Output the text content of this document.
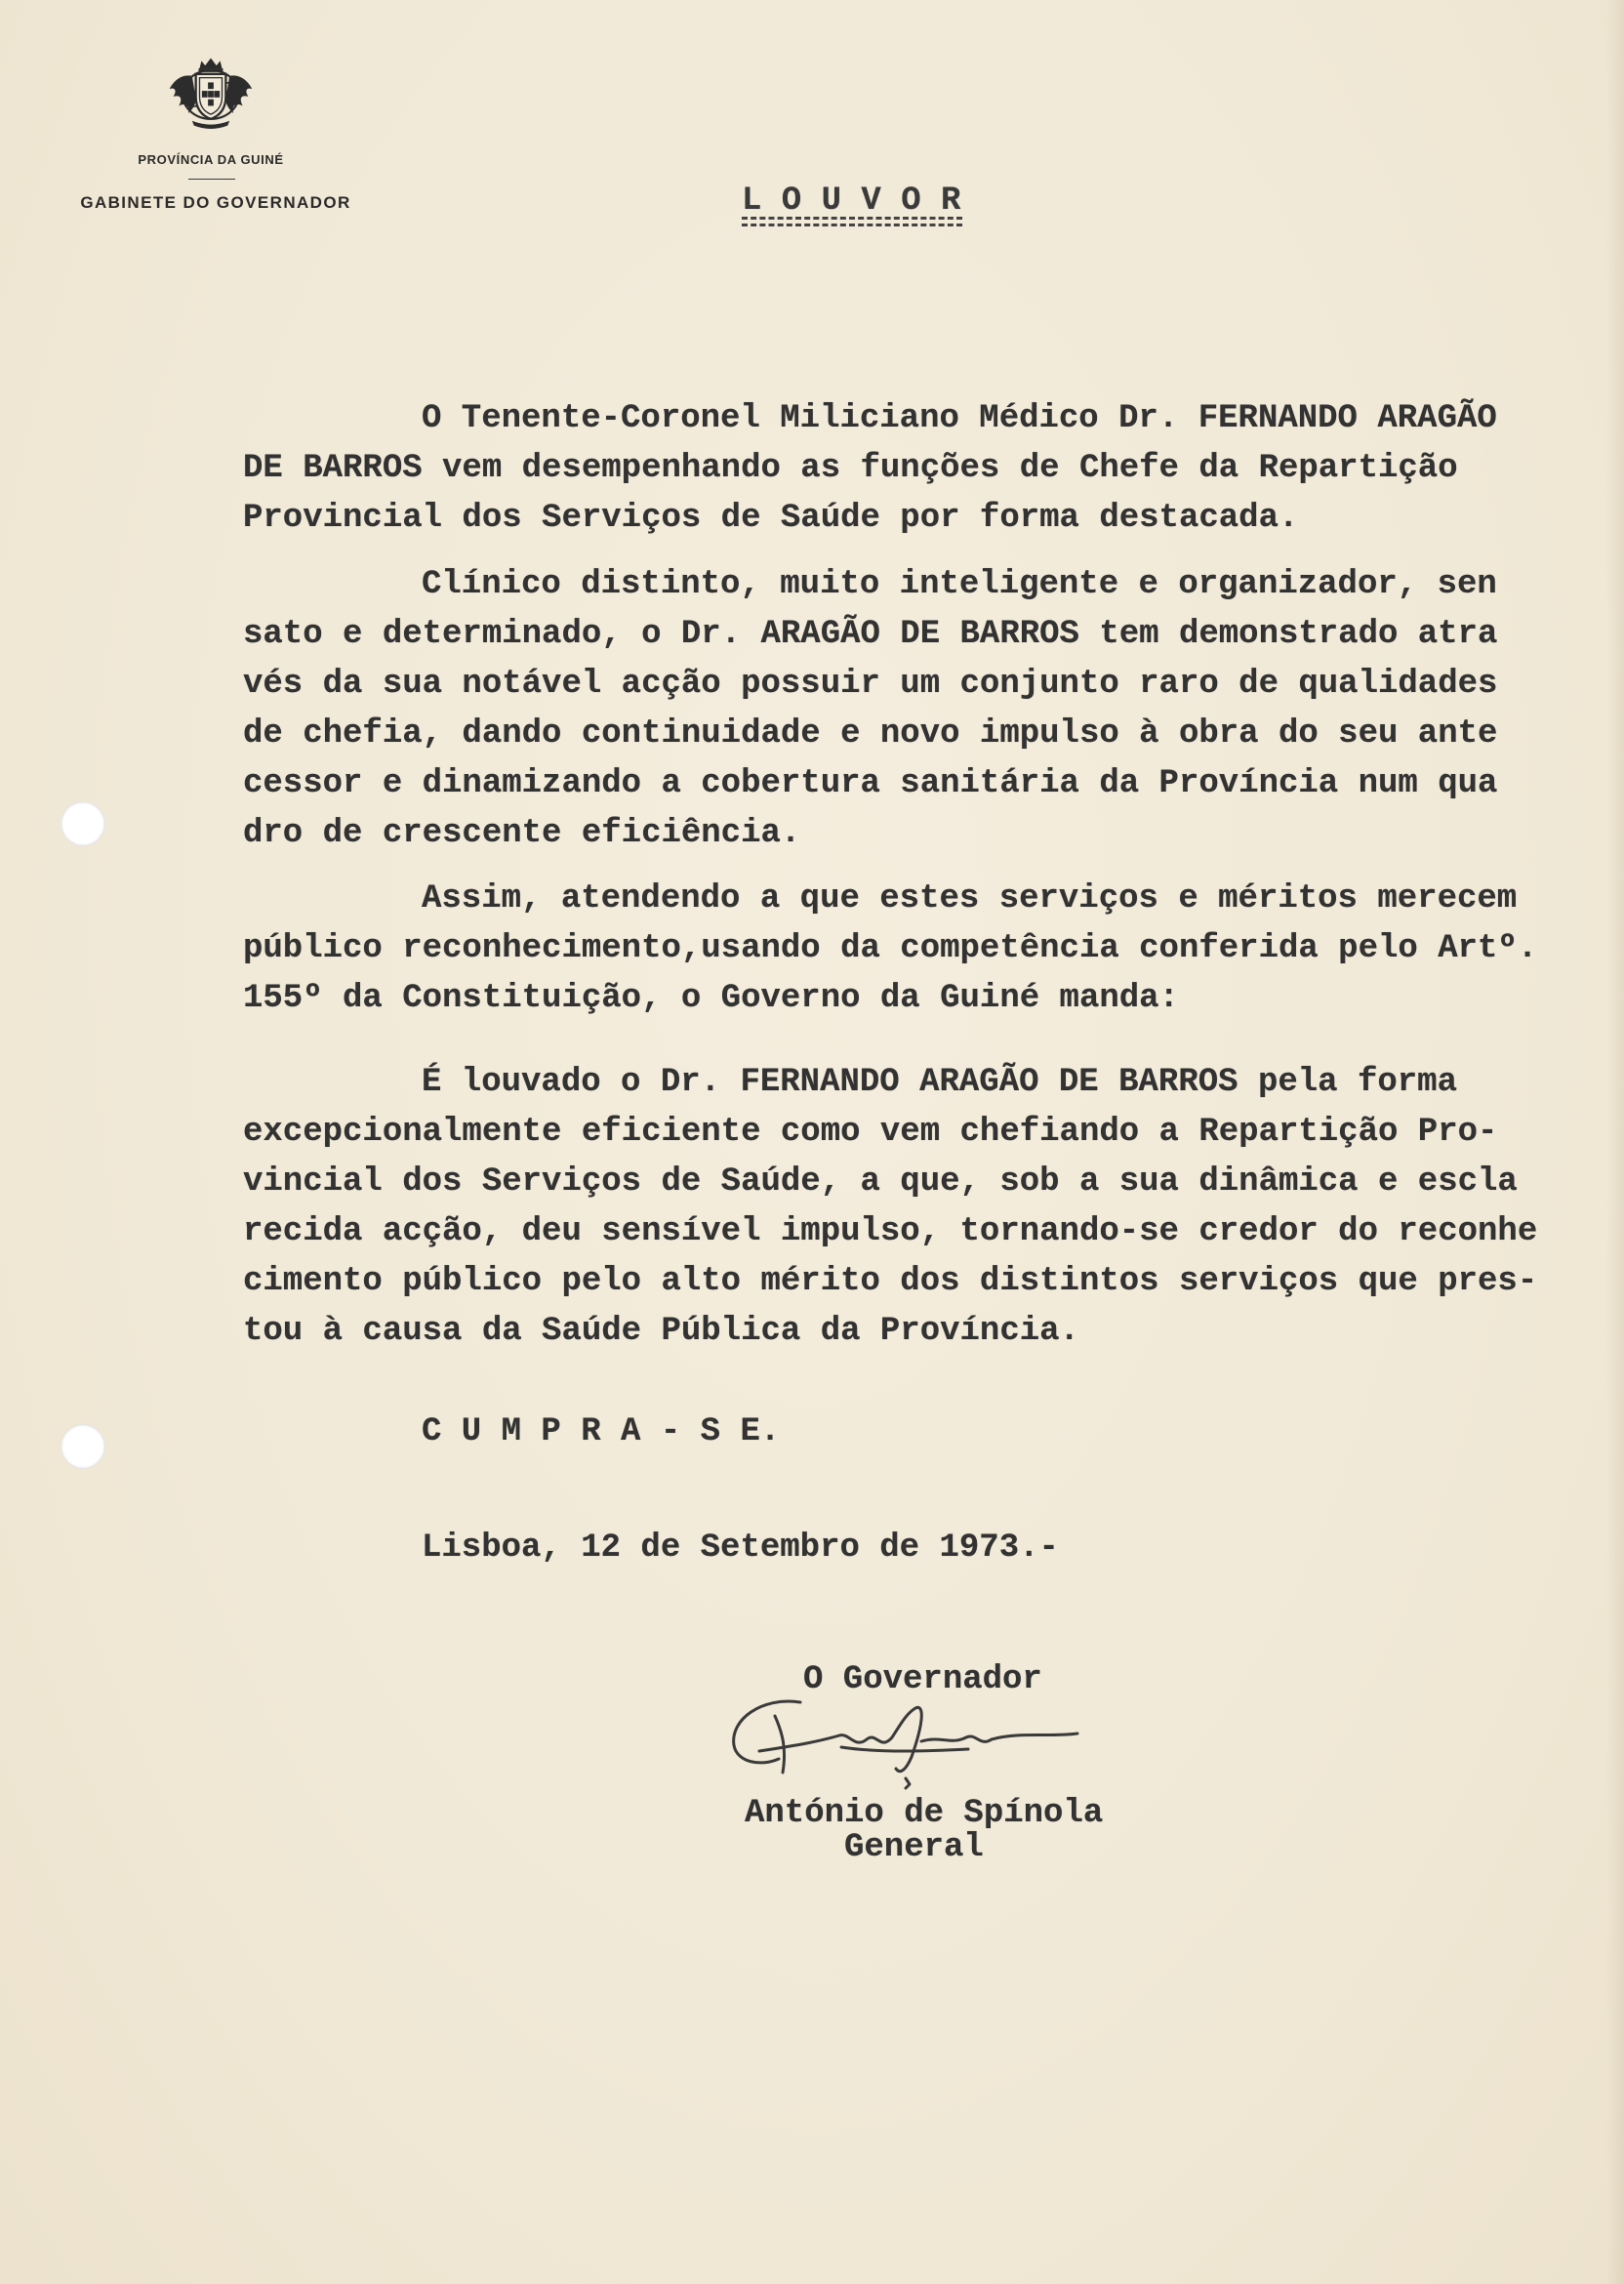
PROVÍNCIA DA GUINÉ
GABINETE DO GOVERNADOR	L O U V O R
O Tenente-Coronel Miliciano Médico Dr. FERNANDO ARAGÃO
DE BARROS vem desempenhando as funções de Chefe da Repartição
Provincial dos Serviços de Saúde por forma destacada.
Clínico distinto, muito inteligente e organizador, sen
sato e determinado, o Dr. ARAGÃO DE BARROS tem demonstrado atra
vés da sua notável acção possuir um conjunto raro de qualidades
de chefia, dando continuidade e novo impulso à obra do seu ante
cessor e dinamizando a cobertura sanitária da Província num qua
dro de crescente eficiência.
Assim, atendendo a que estes serviços e méritos merecem
público reconhecimento,usando da competência conferida pelo Artº.
155º da Constituição, o Governo da Guiné manda:
É louvado o Dr. FERNANDO ARAGÃO DE BARROS pela forma
excepcionalmente eficiente como vem chefiando a Repartição Pro-
vincial dos Serviços de Saúde, a que, sob a sua dinâmica e escla
recida acção, deu sensível impulso, tornando-se credor do reconhe
cimento público pelo alto mérito dos distintos serviços que pres-
tou à causa da Saúde Pública da Província.
C U M P R A - S E.
Lisboa, 12 de Setembro de 1973.-
O Governador
António de Spínola
General
